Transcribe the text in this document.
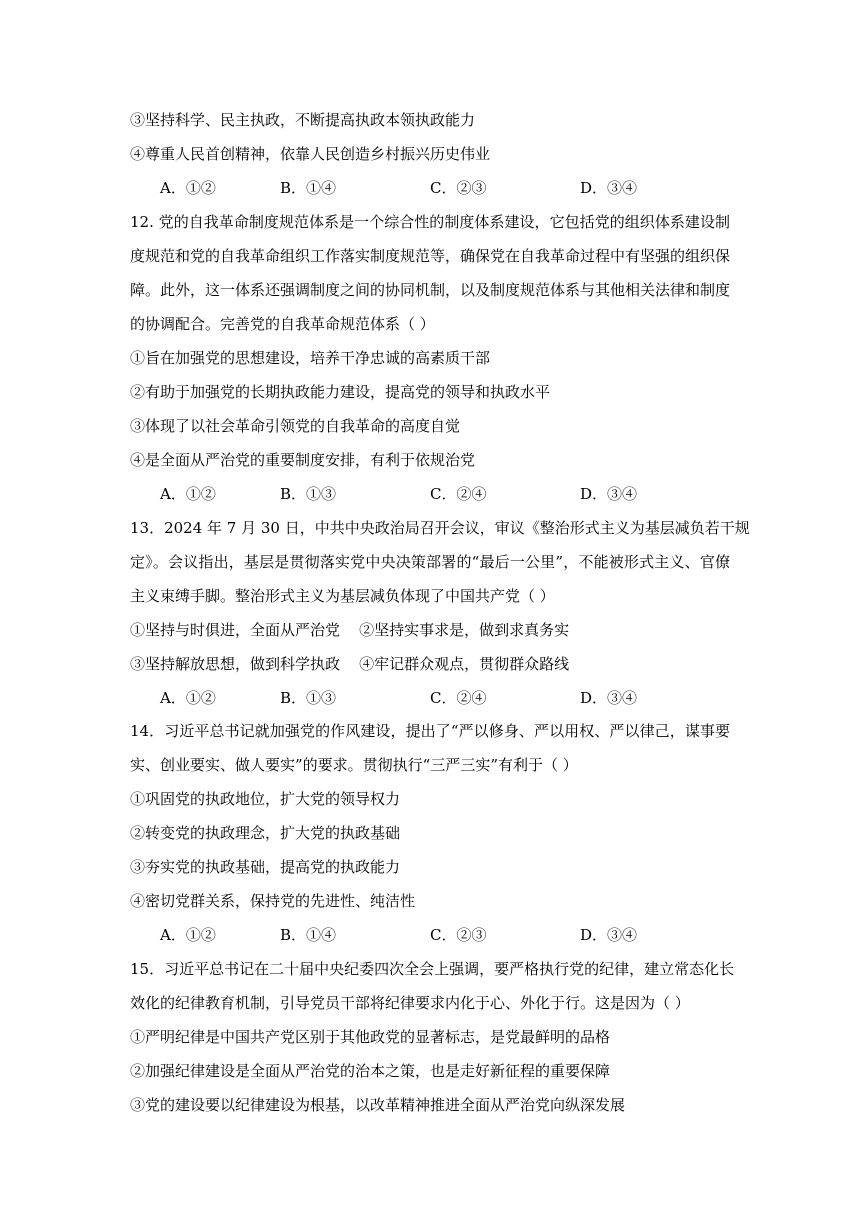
③坚持科学、民主执政，不断提高执政本领执政能力
④尊重人民首创精神，依靠人民创造乡村振兴历史伟业
A．①②	B．①④	C．②③	D．③④
12. 党的自我革命制度规范体系是一个综合性的制度体系建设，它包括党的组织体系建设制
度规范和党的自我革命组织工作落实制度规范等，确保党在自我革命过程中有坚强的组织保
障。此外，这一体系还强调制度之间的协同机制，以及制度规范体系与其他相关法律和制度
的协调配合。完善党的自我革命规范体系（ ）
①旨在加强党的思想建设，培养干净忠诚的高素质干部
②有助于加强党的长期执政能力建设，提高党的领导和执政水平
③体现了以社会革命引领党的自我革命的高度自觉
④是全面从严治党的重要制度安排，有利于依规治党
A．①②	B．①③	C．②④	D．③④
13．2024 年 7 月 30 日，中共中央政治局召开会议，审议《整治形式主义为基层减负若干规
定》。会议指出，基层是贯彻落实党中央决策部署的“最后一公里”，不能被形式主义、官僚
主义束缚手脚。整治形式主义为基层减负体现了中国共产党（ ）
①坚持与时俱进，全面从严治党    ②坚持实事求是，做到求真务实
③坚持解放思想，做到科学执政    ④牢记群众观点，贯彻群众路线
A．①②	B．①③	C．②④	D．③④
14．习近平总书记就加强党的作风建设，提出了“严以修身、严以用权、严以律己，谋事要
实、创业要实、做人要实”的要求。贯彻执行“三严三实”有利于（ ）
①巩固党的执政地位，扩大党的领导权力
②转变党的执政理念，扩大党的执政基础
③夯实党的执政基础，提高党的执政能力
④密切党群关系，保持党的先进性、纯洁性
A．①②	B．①④	C．②③	D．③④
15．习近平总书记在二十届中央纪委四次全会上强调，要严格执行党的纪律，建立常态化长
效化的纪律教育机制，引导党员干部将纪律要求内化于心、外化于行。这是因为（ ）
①严明纪律是中国共产党区别于其他政党的显著标志，是党最鲜明的品格
②加强纪律建设是全面从严治党的治本之策，也是走好新征程的重要保障
③党的建设要以纪律建设为根基，以改革精神推进全面从严治党向纵深发展
